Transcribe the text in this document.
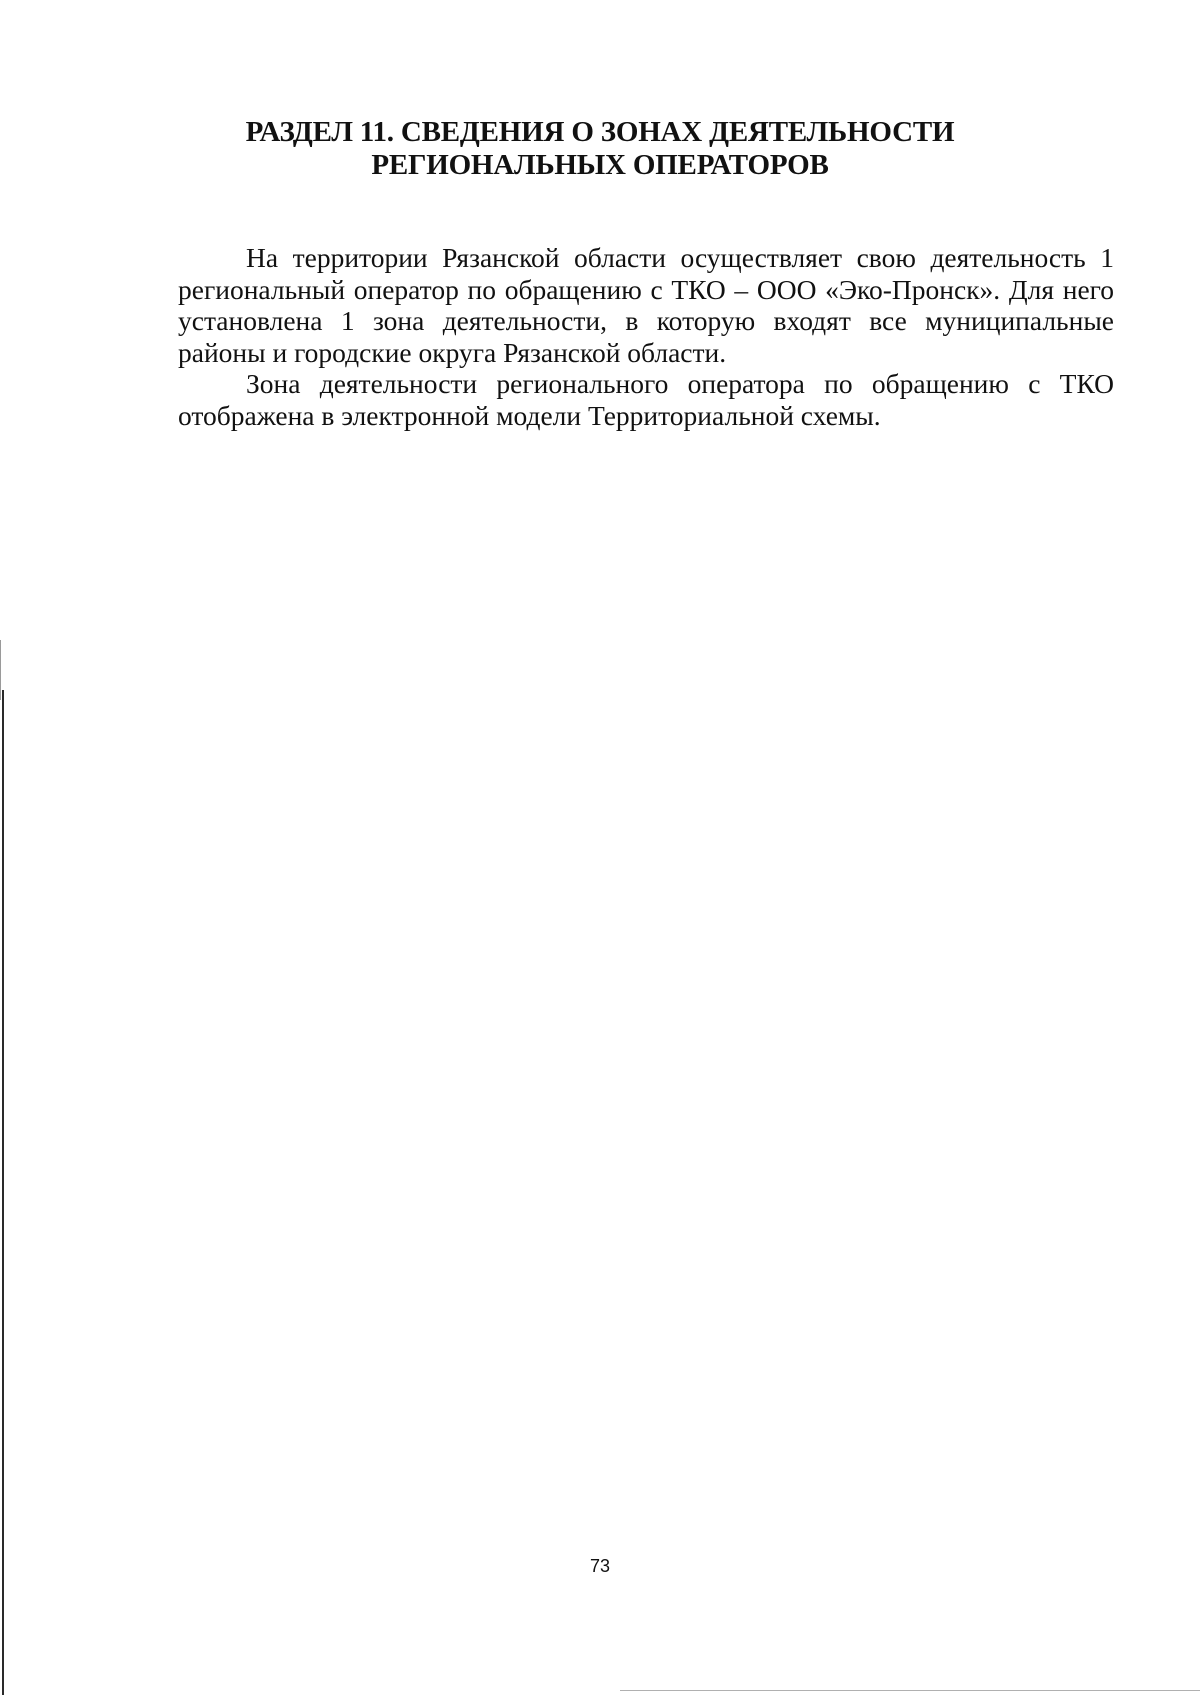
РАЗДЕЛ 11. СВЕДЕНИЯ О ЗОНАХ ДЕЯТЕЛЬНОСТИ
РЕГИОНАЛЬНЫХ ОПЕРАТОРОВ

На территории Рязанской области осуществляет свою деятельность 1 региональный оператор по обращению с ТКО – ООО «Эко-Пронск». Для него установлена 1 зона деятельности, в которую входят все муниципальные районы и городские округа Рязанской области.

Зона деятельности регионального оператора по обращению с ТКО отображена в электронной модели Территориальной схемы.

73
